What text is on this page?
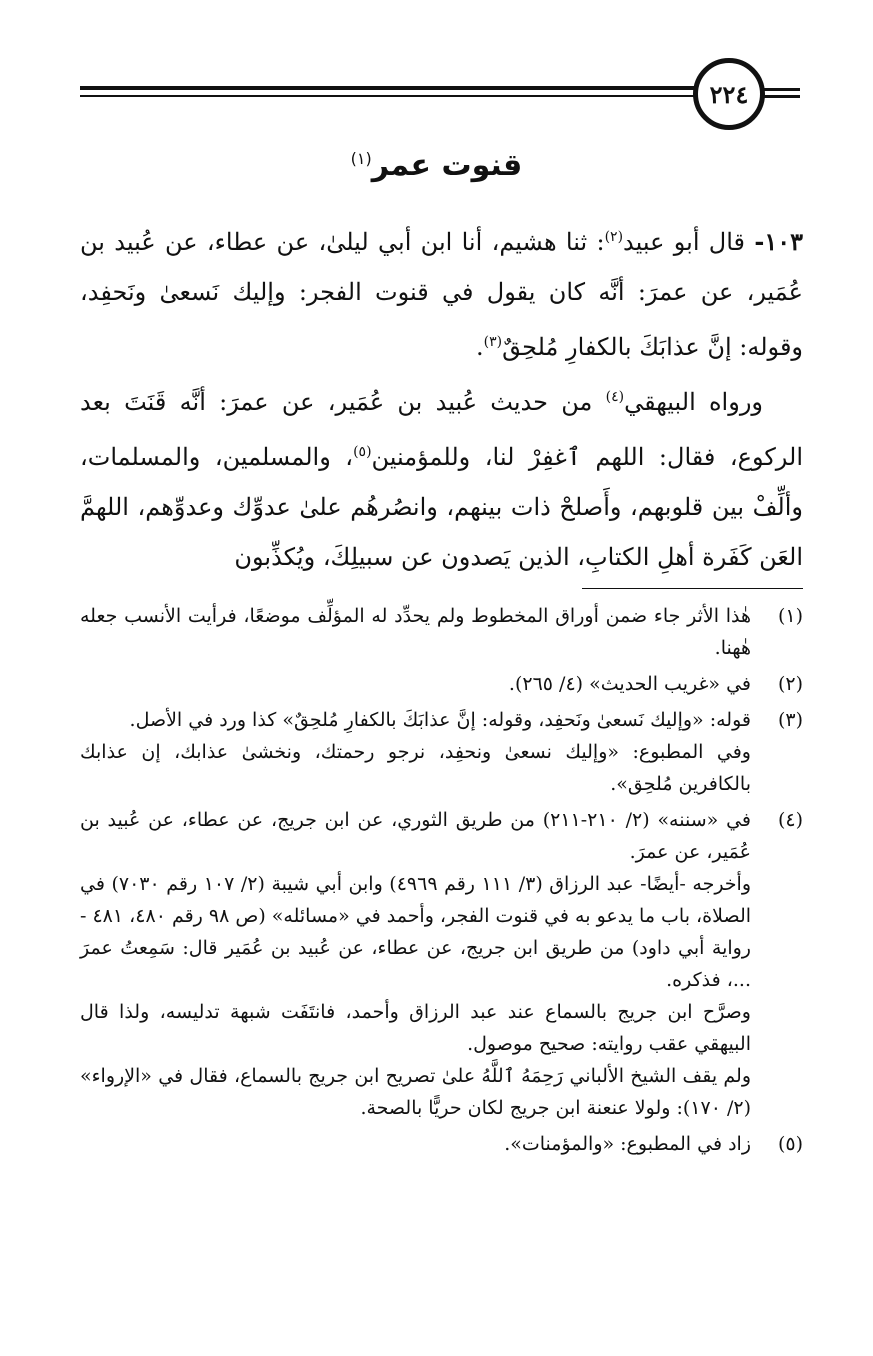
٢٢٤
قنوت عمر$^{(١)}$

١٠٣- قال أبو عبيد$^{(٢)}$: ثنا هشيم، أنا ابن أبي ليلىٰ، عن عطاء، عن عُبيد بن عُمَير، عن عمرَ: أنَّه كان يقول في قنوت الفجر: وإليك نَسعىٰ ونَحفِد، وقوله: إنَّ عذابَكَ بالكفارِ مُلحِقٌ$^{(٣)}$.

ورواه البيهقي$^{(٤)}$ من حديث عُبيد بن عُمَير، عن عمرَ: أنَّه قَنَتَ بعد الركوع، فقال: اللهم ٱغفِرْ لنا، وللمؤمنين$^{(٥)}$، والمسلمين، والمسلمات، وألِّفْ بين قلوبهم، وأَصلحْ ذات بينهم، وانصُرهُم علىٰ عدوِّك وعدوِّهم، اللهمَّ العَن كَفَرة أهلِ الكتابِ، الذين يَصدون عن سبيلِكَ، ويُكذِّبون

(١)

هٰذا الأثر جاء ضمن أوراق المخطوط ولم يحدِّد له المؤلِّف موضعًا، فرأيت الأنسب جعله هٰهنا.

(٢)

في «غريب الحديث» (٤/ ٢٦٥).

(٣)

قوله: «وإليك نَسعىٰ ونَحفِد، وقوله: إنَّ عذابَكَ بالكفارِ مُلحِقٌ» كذا ورد في الأصل.

وفي المطبوع: «وإليك نسعىٰ ونحفِد، نرجو رحمتك، ونخشىٰ عذابك، إن عذابك بالكافرين مُلحِق».

(٤)

في «سننه» (٢/ ٢١٠-٢١١) من طريق الثوري، عن ابن جريج، عن عطاء، عن عُبيد بن عُمَير، عن عمرَ.

وأخرجه -أيضًا- عبد الرزاق (٣/ ١١١ رقم ٤٩٦٩) وابن أبي شيبة (٢/ ١٠٧ رقم ٧٠٣٠) في الصلاة، باب ما يدعو به في قنوت الفجر، وأحمد في «مسائله» (ص ٩٨ رقم ٤٨٠، ٤٨١ - رواية أبي داود) من طريق ابن جريج، عن عطاء، عن عُبيد بن عُمَير قال: سَمِعتُ عمرَ ...، فذكره.

وصرَّح ابن جريج بالسماع عند عبد الرزاق وأحمد، فانتَفَت شبهة تدليسه، ولذا قال البيهقي عقب روايته: صحيح موصول.

ولم يقف الشيخ الألباني رَحِمَهُ ٱللَّهُ علىٰ تصريح ابن جريج بالسماع، فقال في «الإرواء» (٢/ ١٧٠): ولولا عنعنة ابن جريج لكان حريًّا بالصحة.

(٥)

زاد في المطبوع: «والمؤمنات».
